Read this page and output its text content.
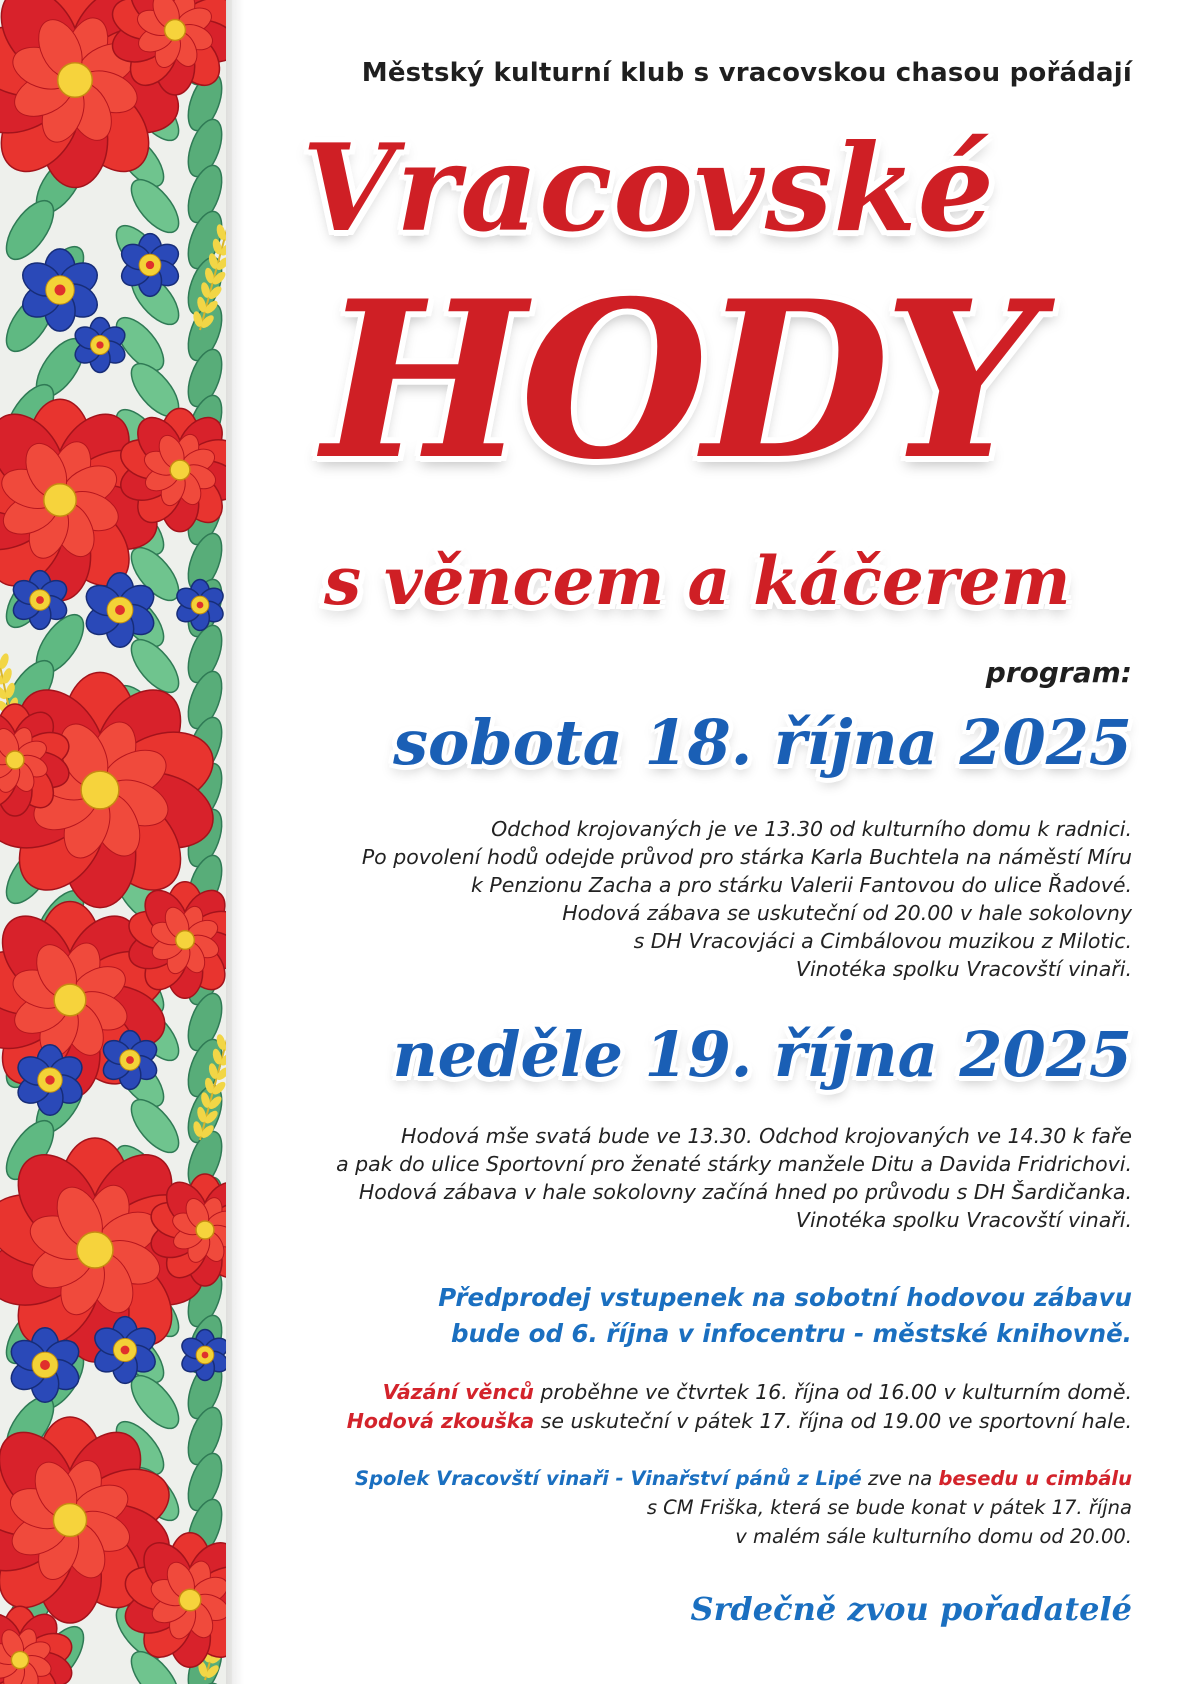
Městský kulturní klub s vracovskou chasou pořádají
Vracovské
HODY
s věncem a káčerem
program:
sobota 18. října 2025
Odchod krojovaných je ve 13.30 od kulturního domu k radnici.
Po povolení hodů odejde průvod pro stárka Karla Buchtela na náměstí Míru
k Penzionu Zacha a pro stárku Valerii Fantovou do ulice Řadové.
Hodová zábava se uskuteční od 20.00 v hale sokolovny
s DH Vracovjáci a Cimbálovou muzikou z Milotic.
Vinotéka spolku Vracovští vinaři.
neděle 19. října 2025
Hodová mše svatá bude ve 13.30. Odchod krojovaných ve 14.30 k faře
a pak do ulice Sportovní pro ženaté stárky manžele Ditu a Davida Fridrichovi.
Hodová zábava v hale sokolovny začíná hned po průvodu s DH Šardičanka.
Vinotéka spolku Vracovští vinaři.
Předprodej vstupenek na sobotní hodovou zábavu
bude od 6. října v infocentru - městské knihovně.
Vázání věnců proběhne ve čtvrtek 16. října od 16.00 v kulturním domě.
Hodová zkouška se uskuteční v pátek 17. října od 19.00 ve sportovní hale.
Spolek Vracovští vinaři - Vinařství pánů z Lipé zve na besedu u cimbálu
s CM Friška, která se bude konat v pátek 17. října
v malém sále kulturního domu od 20.00.
Srdečně zvou pořadatelé
